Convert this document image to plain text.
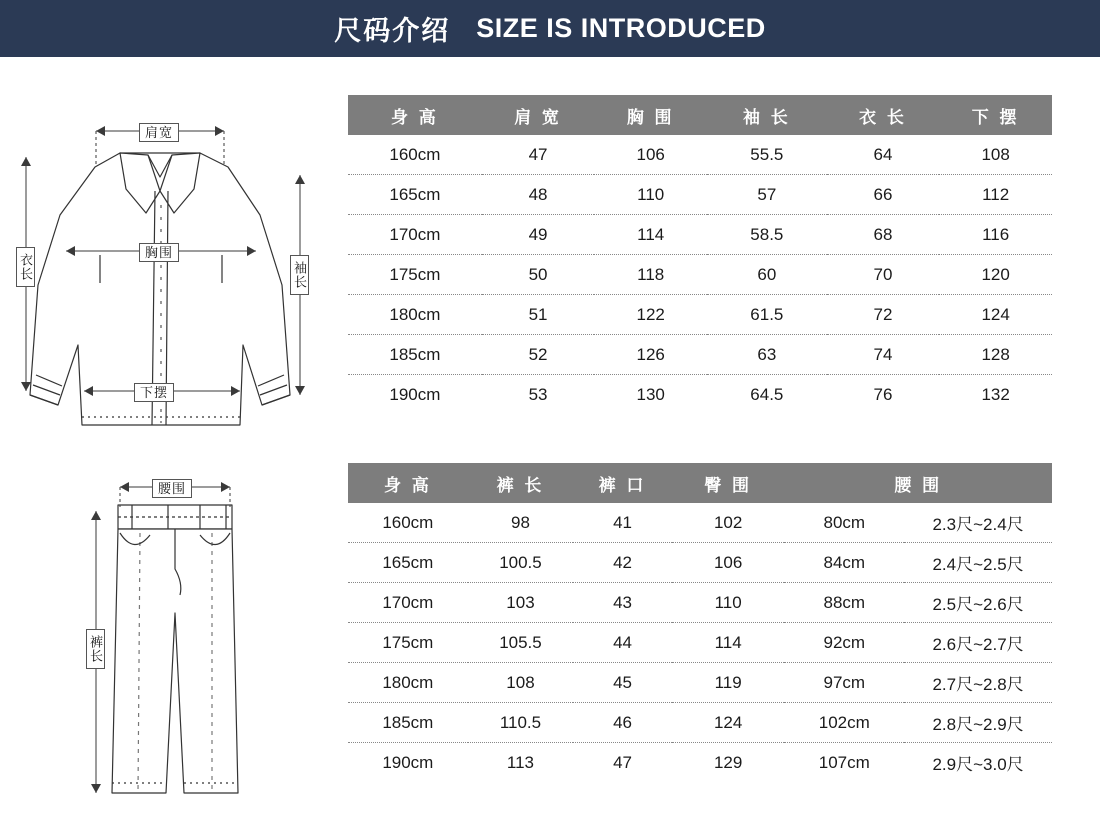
尺码介绍 SIZE IS INTRODUCED
肩宽
胸围
下摆
衣长	袖长
身 高	肩 宽	胸 围	袖 长	衣 长	下 摆
160cm	47	106	55.5	64	108
165cm	48	110	57	66	112
170cm	49	114	58.5	68	116
175cm	50	118	60	70	120
180cm	51	122	61.5	72	124
185cm	52	126	63	74	128
190cm	53	130	64.5	76	132
腰围
裤长
身 高	裤 长	裤 口	臀 围	腰 围	
160cm	98	41	102	80cm	2.3尺~2.4尺
165cm	100.5	42	106	84cm	2.4尺~2.5尺
170cm	103	43	110	88cm	2.5尺~2.6尺
175cm	105.5	44	114	92cm	2.6尺~2.7尺
180cm	108	45	119	97cm	2.7尺~2.8尺
185cm	110.5	46	124	102cm	2.8尺~2.9尺
190cm	113	47	129	107cm	2.9尺~3.0尺
